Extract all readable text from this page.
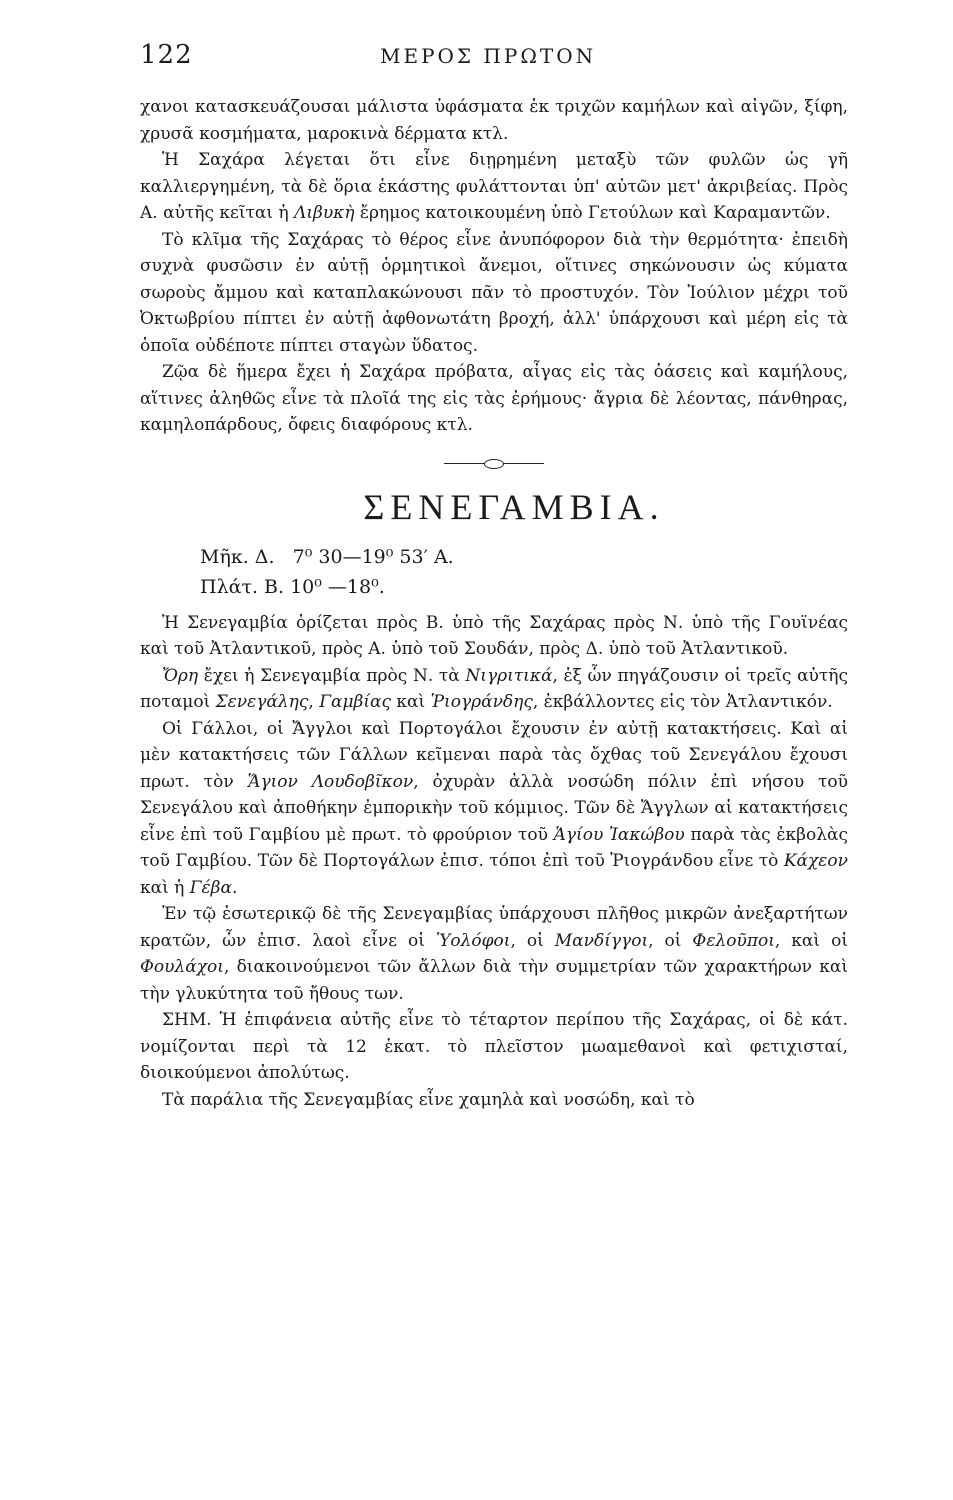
122	ΜΕΡΟΣ ΠΡΩΤΟΝ

χανοι κατασκευάζουσαι μάλιστα ὑφάσματα ἐκ τριχῶν καμήλων καὶ αἰγῶν, ξίφη, χρυσᾶ κοσμήματα, μαροκινὰ δέρματα κτλ.

Ἡ Σαχάρα λέγεται ὅτι εἶνε διῃρημένη μεταξὺ τῶν φυλῶν ὡς γῆ καλλιεργημένη, τὰ δὲ ὅρια ἑκάστης φυλάττονται ὑπ' αὐτῶν μετ' ἀκριβείας. Πρὸς Α. αὐτῆς κεῖται ἡ Λιβυκὴ ἔρημος κατοικουμένη ὑπὸ Γετούλων καὶ Καραμαντῶν.

Τὸ κλῖμα τῆς Σαχάρας τὸ θέρος εἶνε ἀνυπόφορον διὰ τὴν θερμότητα· ἐπειδὴ συχνὰ φυσῶσιν ἐν αὐτῇ ὁρμητικοὶ ἄνεμοι, οἵτινες σηκώνουσιν ὡς κύματα σωροὺς ἄμμου καὶ καταπλακώνουσι πᾶν τὸ προστυχόν. Τὸν Ἰούλιον μέχρι τοῦ Ὀκτωβρίου πίπτει ἐν αὐτῇ ἀφθονωτάτη βροχή, ἀλλ' ὑπάρχουσι καὶ μέρη εἰς τὰ ὁποῖα οὐδέποτε πίπτει σταγὼν ὕδατος.

Ζῷα δὲ ἥμερα ἔχει ἡ Σαχάρα πρόβατα, αἶγας εἰς τὰς ὀάσεις καὶ καμήλους, αἵτινες ἀληθῶς εἶνε τὰ πλοῖά της εἰς τὰς ἐρήμους· ἄγρια δὲ λέοντας, πάνθηρας, καμηλοπάρδους, ὄφεις διαφόρους κτλ.

ΣΕΝΕΓΑΜΒΙΑ.
Μῆκ. Δ.   7⁰ 30—19⁰ 53′ Α.
Πλάτ. Β. 10⁰ —18⁰.

Ἡ Σενεγαμβία ὁρίζεται πρὸς Β. ὑπὸ τῆς Σαχάρας πρὸς Ν. ὑπὸ τῆς Γουϊνέας καὶ τοῦ Ἀτλαντικοῦ, πρὸς Α. ὑπὸ τοῦ Σουδάν, πρὸς Δ. ὑπὸ τοῦ Ἀτλαντικοῦ.

Ὄρη ἔχει ἡ Σενεγαμβία πρὸς Ν. τὰ Νιγριτικά, ἐξ ὧν πηγάζουσιν οἱ τρεῖς αὐτῆς ποταμοὶ Σενεγάλης, Γαμβίας καὶ Ῥιογράνδης, ἐκβάλλοντες εἰς τὸν Ἀτλαντικόν.

Οἱ Γάλλοι, οἱ Ἄγγλοι καὶ Πορτογάλοι ἔχουσιν ἐν αὐτῇ κατακτήσεις. Καὶ αἱ μὲν κατακτήσεις τῶν Γάλλων κεῖμεναι παρὰ τὰς ὄχθας τοῦ Σενεγάλου ἔχουσι πρωτ. τὸν Ἅγιον Λουδοβῖκον, ὀχυρὰν ἀλλὰ νοσώδη πόλιν ἐπὶ νήσου τοῦ Σενεγάλου καὶ ἀποθήκην ἐμπορικὴν τοῦ κόμμιος. Τῶν δὲ Ἄγγλων αἱ κατακτήσεις εἶνε ἐπὶ τοῦ Γαμβίου μὲ πρωτ. τὸ φρούριον τοῦ Ἁγίου Ἰακώβου παρὰ τὰς ἐκβολὰς τοῦ Γαμβίου. Τῶν δὲ Πορτογάλων ἐπισ. τόποι ἐπὶ τοῦ Ῥιογράνδου εἶνε τὸ Κάχεον καὶ ἡ Γέβα.

Ἐν τῷ ἐσωτερικῷ δὲ τῆς Σενεγαμβίας ὑπάρχουσι πλῆθος μικρῶν ἀνεξαρτήτων κρατῶν, ὧν ἐπισ. λαοὶ εἶνε οἱ Ὑολόφοι, οἱ Μανδίγγοι, οἱ Φελοῦποι, καὶ οἱ Φουλάχοι, διακοινούμενοι τῶν ἄλλων διὰ τὴν συμμετρίαν τῶν χαρακτήρων καὶ τὴν γλυκύτητα τοῦ ἤθους των.

ΣΗΜ. Ἡ ἐπιφάνεια αὐτῆς εἶνε τὸ τέταρτον περίπου τῆς Σαχάρας, οἱ δὲ κάτ. νομίζονται περὶ τὰ 12 ἑκατ. τὸ πλεῖστον μωαμεθανοὶ καὶ φετιχισταί, διοικούμενοι ἀπολύτως.

Τὰ παράλια τῆς Σενεγαμβίας εἶνε χαμηλὰ καὶ νοσώδη, καὶ τὸ
